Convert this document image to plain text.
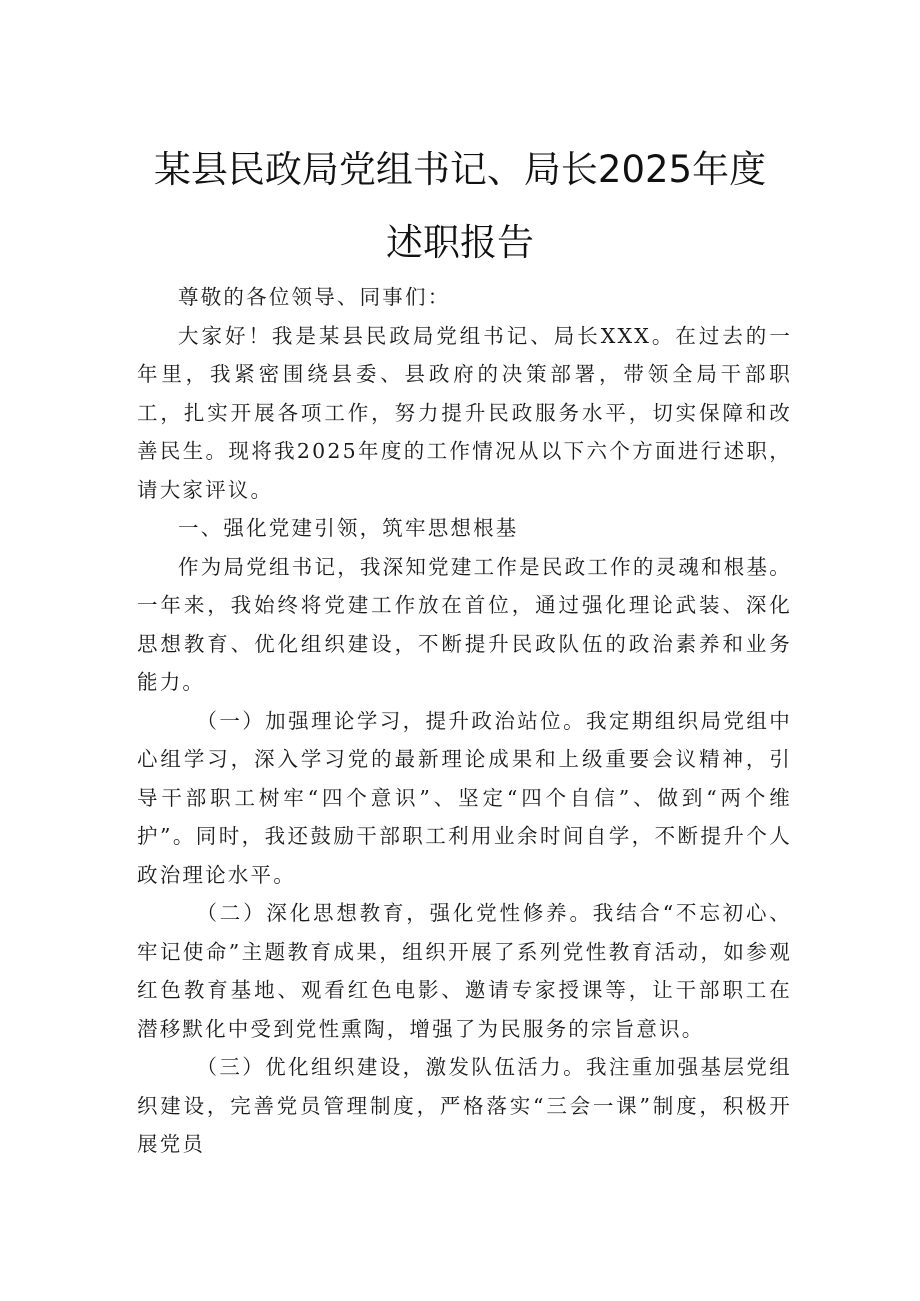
某县民政局党组书记、局长2025年度
述职报告

尊敬的各位领导、同事们：

大家好！我是某县民政局党组书记、局长XXX。在过去的一年里，我紧密围绕县委、县政府的决策部署，带领全局干部职工，扎实开展各项工作，努力提升民政服务水平，切实保障和改善民生。现将我2025年度的工作情况从以下六个方面进行述职，请大家评议。

一、强化党建引领，筑牢思想根基

作为局党组书记，我深知党建工作是民政工作的灵魂和根基。一年来，我始终将党建工作放在首位，通过强化理论武装、深化思想教育、优化组织建设，不断提升民政队伍的政治素养和业务能力。

（一）加强理论学习，提升政治站位。我定期组织局党组中心组学习，深入学习党的最新理论成果和上级重要会议精神，引导干部职工树牢“四个意识”、坚定“四个自信”、做到“两个维护”。同时，我还鼓励干部职工利用业余时间自学，不断提升个人政治理论水平。

（二）深化思想教育，强化党性修养。我结合“不忘初心、牢记使命”主题教育成果，组织开展了系列党性教育活动，如参观红色教育基地、观看红色电影、邀请专家授课等，让干部职工在潜移默化中受到党性熏陶，增强了为民服务的宗旨意识。

（三）优化组织建设，激发队伍活力。我注重加强基层党组织建设，完善党员管理制度，严格落实“三会一课”制度，积极开展党员
